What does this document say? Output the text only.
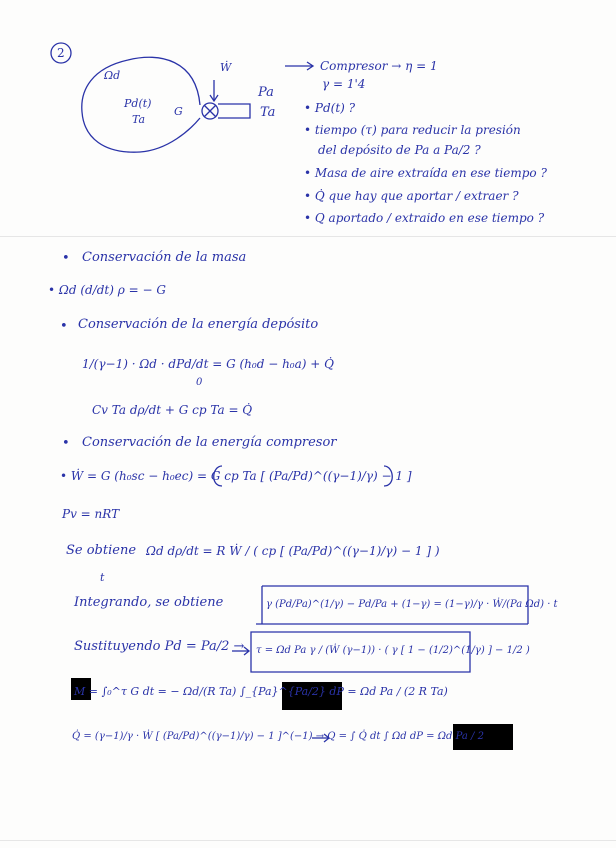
2
Ωd
Pd(t)
Ta
G
Ẇ
Pa
Ta
Compresor → η = 1
γ = 1'4
• Pd(t) ?
• tiempo (τ) para reducir la presión
del depósito de Pa a Pa/2 ?
• Masa de aire extraída en ese tiempo ?
• Q̇ que hay que aportar / extraer ?
• Q aportado / extraido en ese tiempo ?
• Conservación de la masa
• Ωd (d/dt) ρ = − G
• Conservación de la energía depósito
1/(γ−1) · Ωd · dPd/dt = G (h₀d − h₀a) + Q̇
0
Cv Ta dρ/dt + G cp Ta = Q̇
• Conservación de la energía compresor
• Ẇ = G (h₀sc − h₀ec) = G cp Ta [ (Pa/Pd)^((γ−1)/γ) − 1 ]
Pv = nRT
Se obtiene Ωd dρ/dt = R Ẇ / ( cp [ (Pa/Pd)^((γ−1)/γ) − 1 ] )
t
Integrando, se obtiene	γ (Pd/Pa)^(1/γ) − Pd/Pa + (1−γ) = (1−γ)/γ · Ẇ/(Pa Ωd) · t
Sustituyendo Pd = Pa/2 → τ = Ωd Pa γ / (Ẇ (γ−1)) · ( γ [ 1 − (1/2)^(1/γ) ] − 1/2 )
M = ∫₀^τ G dt = − Ωd/(R Ta) ∫_{Pa}^{Pa/2} dP = Ωd Pa / (2 R Ta)
Q̇ = (γ−1)/γ · Ẇ [ (Pa/Pd)^((γ−1)/γ) − 1 ]^(−1) → Q = ∫ Q̇ dt ∫ Ωd dP = Ωd Pa / 2
